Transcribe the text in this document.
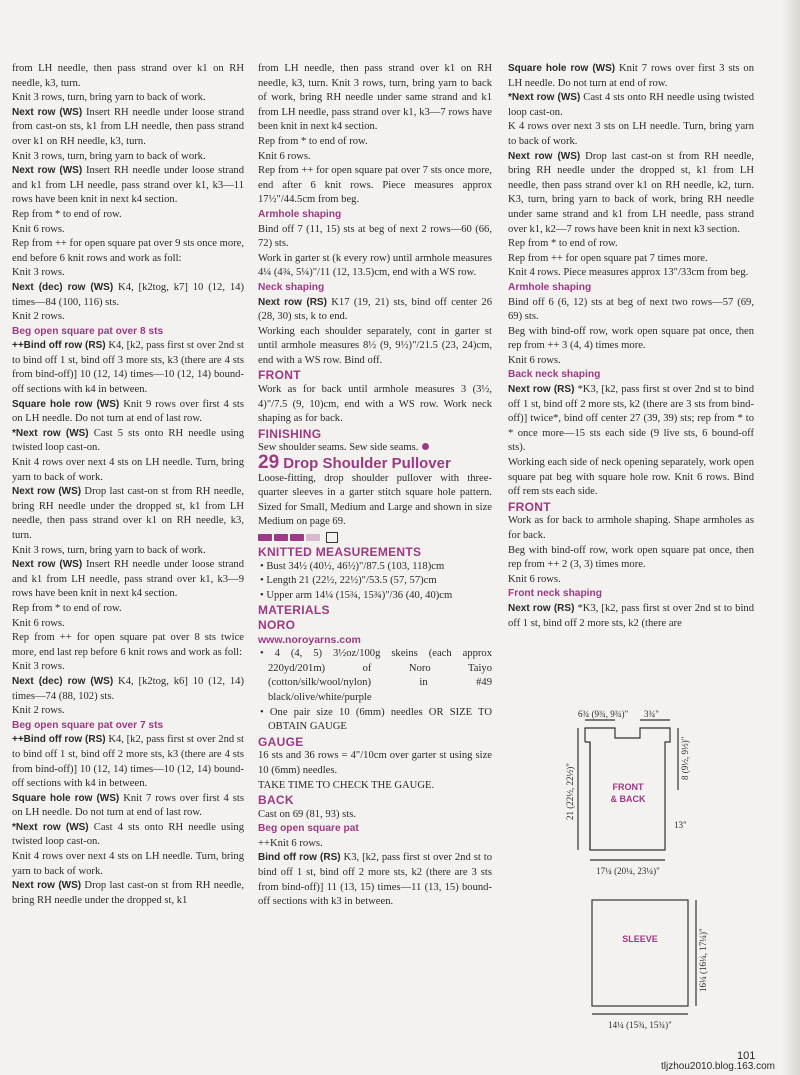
from LH needle, then pass strand over k1 on RH needle, k3, turn.

Knit 3 rows, turn, bring yarn to back of work.

Next row (WS) Insert RH needle under loose strand from cast-on sts, k1 from LH needle, then pass strand over k1 on RH needle, k3, turn.

Knit 3 rows, turn, bring yarn to back of work.

Next row (WS) Insert RH needle under loose strand and k1 from LH needle, pass strand over k1, k3—11 rows have been knit in next k4 section.

Rep from * to end of row.

Knit 6 rows.

Rep from ++ for open square pat over 9 sts once more, end before 6 knit rows and work as foll:

Knit 3 rows.

Next (dec) row (WS) K4, [k2tog, k7] 10 (12, 14) times—84 (100, 116) sts.

Knit 2 rows.

Beg open square pat over 8 sts

++Bind off row (RS) K4, [k2, pass first st over 2nd st to bind off 1 st, bind off 3 more sts, k3 (there are 4 sts from bind-off)] 10 (12, 14) times—10 (12, 14) bound-off sections with k4 in between.

Square hole row (WS) Knit 9 rows over first 4 sts on LH needle. Do not turn at end of last row.

*Next row (WS) Cast 5 sts onto RH needle using twisted loop cast-on.

Knit 4 rows over next 4 sts on LH needle. Turn, bring yarn to back of work.

Next row (WS) Drop last cast-on st from RH needle, bring RH needle under the dropped st, k1 from LH needle, then pass strand over k1 on RH needle, k3, turn.

Knit 3 rows, turn, bring yarn to back of work.

Next row (WS) Insert RH needle under loose strand and k1 from LH needle, pass strand over k1, k3—9 rows have been knit in next k4 section.

Rep from * to end of row.

Knit 6 rows.

Rep from ++ for open square pat over 8 sts twice more, end last rep before 6 knit rows and work as foll:

Knit 3 rows.

Next (dec) row (WS) K4, [k2tog, k6] 10 (12, 14) times—74 (88, 102) sts.

Knit 2 rows.

Beg open square pat over 7 sts

++Bind off row (RS) K4, [k2, pass first st over 2nd st to bind off 1 st, bind off 2 more sts, k3 (there are 4 sts from bind-off)] 10 (12, 14) times—10 (12, 14) bound-off sections with k4 in between.

Square hole row (WS) Knit 7 rows over first 4 sts on LH needle. Do not turn at end of last row.

*Next row (WS) Cast 4 sts onto RH needle using twisted loop cast-on.

Knit 4 rows over next 4 sts on LH needle. Turn, bring yarn to back of work.

Next row (WS) Drop last cast-on st from RH needle, bring RH needle under the dropped st, k1

from LH needle, then pass strand over k1 on RH needle, k3, turn. Knit 3 rows, turn, bring yarn to back of work, bring RH needle under same strand and k1 from LH needle, pass strand over k1, k3—7 rows have been knit in next k4 section.

Rep from * to end of row.

Knit 6 rows.

Rep from ++ for open square pat over 7 sts once more, end after 6 knit rows. Piece measures approx 17½"/44.5cm from beg.

Armhole shaping

Bind off 7 (11, 15) sts at beg of next 2 rows—60 (66, 72) sts.

Work in garter st (k every row) until armhole measures 4¼ (4¾, 5¼)"/11 (12, 13.5)cm, end with a WS row.

Neck shaping

Next row (RS) K17 (19, 21) sts, bind off center 26 (28, 30) sts, k to end.

Working each shoulder separately, cont in garter st until armhole measures 8½ (9, 9½)"/21.5 (23, 24)cm, end with a WS row. Bind off.

FRONT

Work as for back until armhole measures 3 (3½, 4)"/7.5 (9, 10)cm, end with a WS row. Work neck shaping as for back.

FINISHING

Sew shoulder seams. Sew side seams.

29 Drop Shoulder Pullover

Loose-fitting, drop shoulder pullover with three-quarter sleeves in a garter stitch square hole pattern. Sized for Small, Medium and Large and shown in size Medium on page 69.

KNITTED MEASUREMENTS

• Bust 34½ (40½, 46½)"/87.5 (103, 118)cm

• Length 21 (22½, 22½)"/53.5 (57, 57)cm

• Upper arm 14¼ (15¾, 15¾)"/36 (40, 40)cm

MATERIALS

NORO

www.noroyarns.com

• 4 (4, 5) 3½oz/100g skeins (each approx 220yd/201m) of Noro Taiyo (cotton/silk/wool/nylon) in #49 black/olive/white/purple

• One pair size 10 (6mm) needles OR SIZE TO OBTAIN GAUGE

GAUGE

16 sts and 36 rows = 4"/10cm over garter st using size 10 (6mm) needles.

TAKE TIME TO CHECK THE GAUGE.

BACK

Cast on 69 (81, 93) sts.

Beg open square pat

++Knit 6 rows.

Bind off row (RS) K3, [k2, pass first st over 2nd st to bind off 1 st, bind off 2 more sts, k2 (there are 3 sts from bind-off)] 11 (13, 15) times—11 (13, 15) bound-off sections with k3 in between.

Square hole row (WS) Knit 7 rows over first 3 sts on LH needle. Do not turn at end of row.

*Next row (WS) Cast 4 sts onto RH needle using twisted loop cast-on.

K 4 rows over next 3 sts on LH needle. Turn, bring yarn to back of work.

Next row (WS) Drop last cast-on st from RH needle, bring RH needle under the dropped st, k1 from LH needle, then pass strand over k1 on RH needle, k2, turn. K3, turn, bring yarn to back of work, bring RH needle under same strand and k1 from LH needle, pass strand over k1, k2—7 rows have been knit in next k3 section.

Rep from * to end of row.

Rep from ++ for open square pat 7 times more.

Knit 4 rows. Piece measures approx 13"/33cm from beg.

Armhole shaping

Bind off 6 (6, 12) sts at beg of next two rows—57 (69, 69) sts.

Beg with bind-off row, work open square pat once, then rep from ++ 3 (4, 4) times more.

Knit 6 rows.

Back neck shaping

Next row (RS) *K3, [k2, pass first st over 2nd st to bind off 1 st, bind off 2 more sts, k2 (there are 3 sts from bind-off)] twice*, bind off center 27 (39, 39) sts; rep from * to * once more—15 sts each side (9 live sts, 6 bound-off sts).

Working each side of neck opening separately, work open square pat beg with square hole row. Knit 6 rows. Bind off rem sts each side.

FRONT

Work as for back to armhole shaping. Shape armholes as for back.

Beg with bind-off row, work open square pat once, then rep from ++ 2 (3, 3) times more.

Knit 6 rows.

Front neck shaping

Next row (RS) *K3, [k2, pass first st over 2nd st to bind off 1 st, bind off 2 more sts, k2 (there are

6¾ (9¾, 9¾)" 3¾"
FRONT
& BACK
21 (22½, 22½)"
8 (9½, 9½)"
13"
17¼ (20¼, 23¼)"
SLEEVE	16¼ (16¼, 17¼)"
14¼ (15¾, 15¾)"
101
tljzhou2010.blog.163.com
